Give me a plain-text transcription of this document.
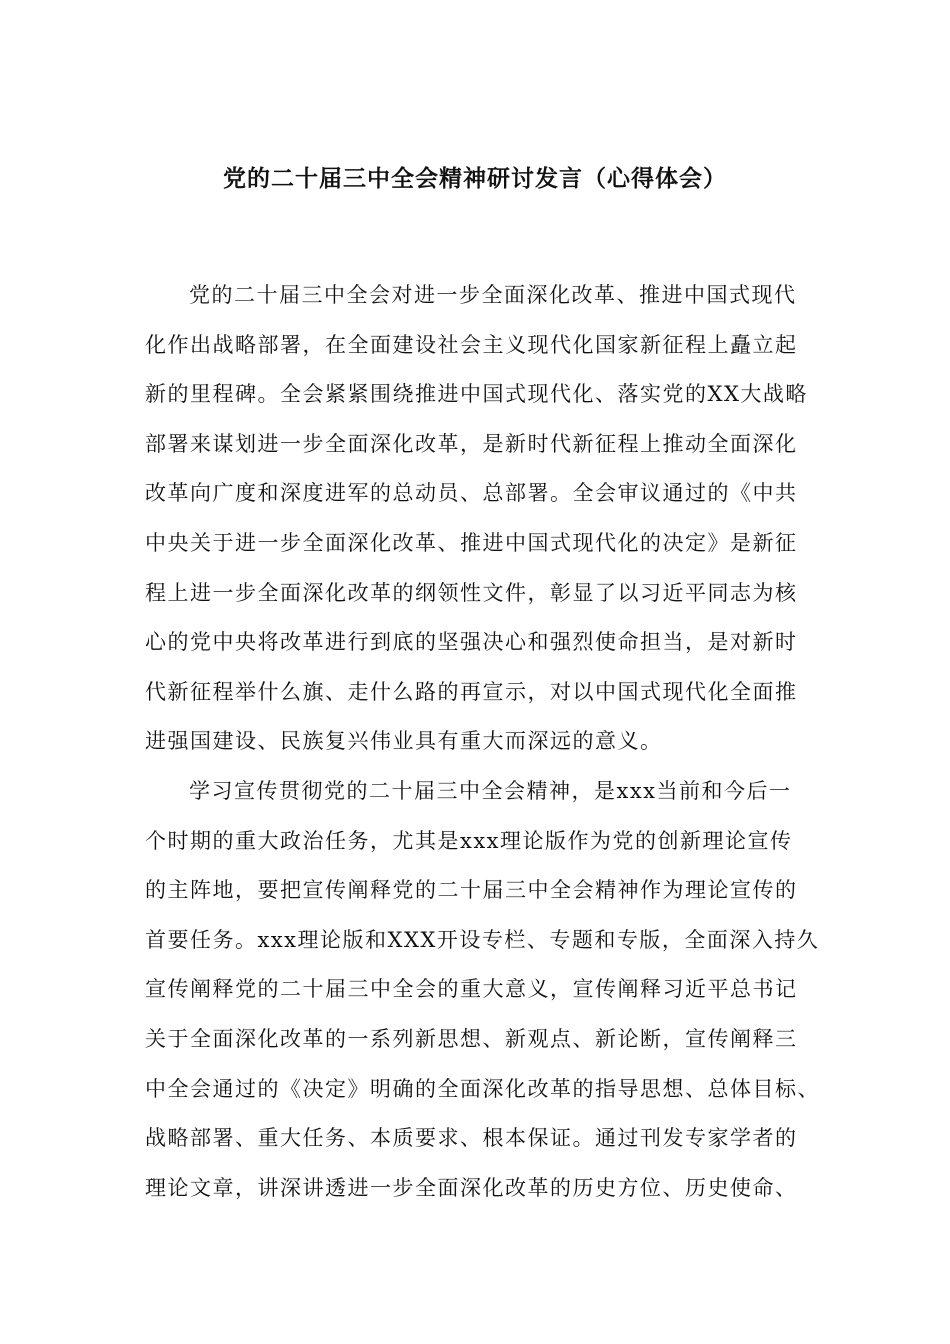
党的二十届三中全会精神研讨发言（心得体会）
党的二十届三中全会对进一步全面深化改革、推进中国式现代
化作出战略部署，在全面建设社会主义现代化国家新征程上矗立起
新的里程碑。全会紧紧围绕推进中国式现代化、落实党的XX大战略
部署来谋划进一步全面深化改革，是新时代新征程上推动全面深化
改革向广度和深度进军的总动员、总部署。全会审议通过的《中共
中央关于进一步全面深化改革、推进中国式现代化的决定》是新征
程上进一步全面深化改革的纲领性文件，彰显了以习近平同志为核
心的党中央将改革进行到底的坚强决心和强烈使命担当，是对新时
代新征程举什么旗、走什么路的再宣示，对以中国式现代化全面推
进强国建设、民族复兴伟业具有重大而深远的意义。
学习宣传贯彻党的二十届三中全会精神，是xxx当前和今后一
个时期的重大政治任务，尤其是xxx理论版作为党的创新理论宣传
的主阵地，要把宣传阐释党的二十届三中全会精神作为理论宣传的
首要任务。xxx理论版和XXX开设专栏、专题和专版，全面深入持久
宣传阐释党的二十届三中全会的重大意义，宣传阐释习近平总书记
关于全面深化改革的一系列新思想、新观点、新论断，宣传阐释三
中全会通过的《决定》明确的全面深化改革的指导思想、总体目标、
战略部署、重大任务、本质要求、根本保证。通过刊发专家学者的
理论文章，讲深讲透进一步全面深化改革的历史方位、历史使命、
